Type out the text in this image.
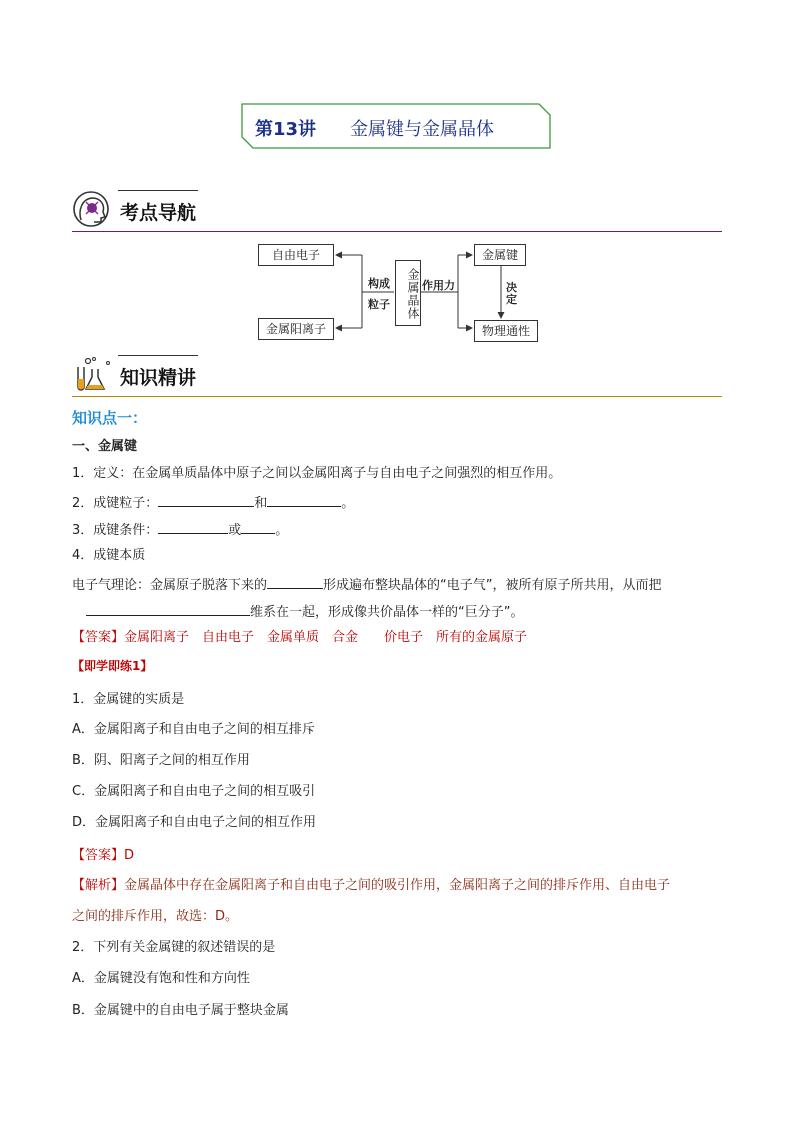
第13讲 金属键与金属晶体
考点导航
自由电子
金属阳离子
构成
粒子	金属晶体 作用力
金属键
决定
物理通性
知识精讲
知识点一：
一、金属键
1．定义：在金属单质晶体中原子之间以金属阳离子与自由电子之间强烈的相互作用。
2．成键粒子：	和	。
3．成键条件：	或	。
4．成键本质
电子气理论：金属原子脱落下来的	形成遍布整块晶体的“电子气”，被所有原子所共用，从而把
维系在一起，形成像共价晶体一样的“巨分子”。
【答案】金属阳离子　自由电子　金属单质　合金　　价电子　所有的金属原子
【即学即练1】
1．金属键的实质是
A．金属阳离子和自由电子之间的相互排斥
B．阴、阳离子之间的相互作用
C．金属阳离子和自由电子之间的相互吸引
D．金属阳离子和自由电子之间的相互作用
【答案】D
【解析】金属晶体中存在金属阳离子和自由电子之间的吸引作用，金属阳离子之间的排斥作用、自由电子
之间的排斥作用，故选：D。
2．下列有关金属键的叙述错误的是
A．金属键没有饱和性和方向性
B．金属键中的自由电子属于整块金属
